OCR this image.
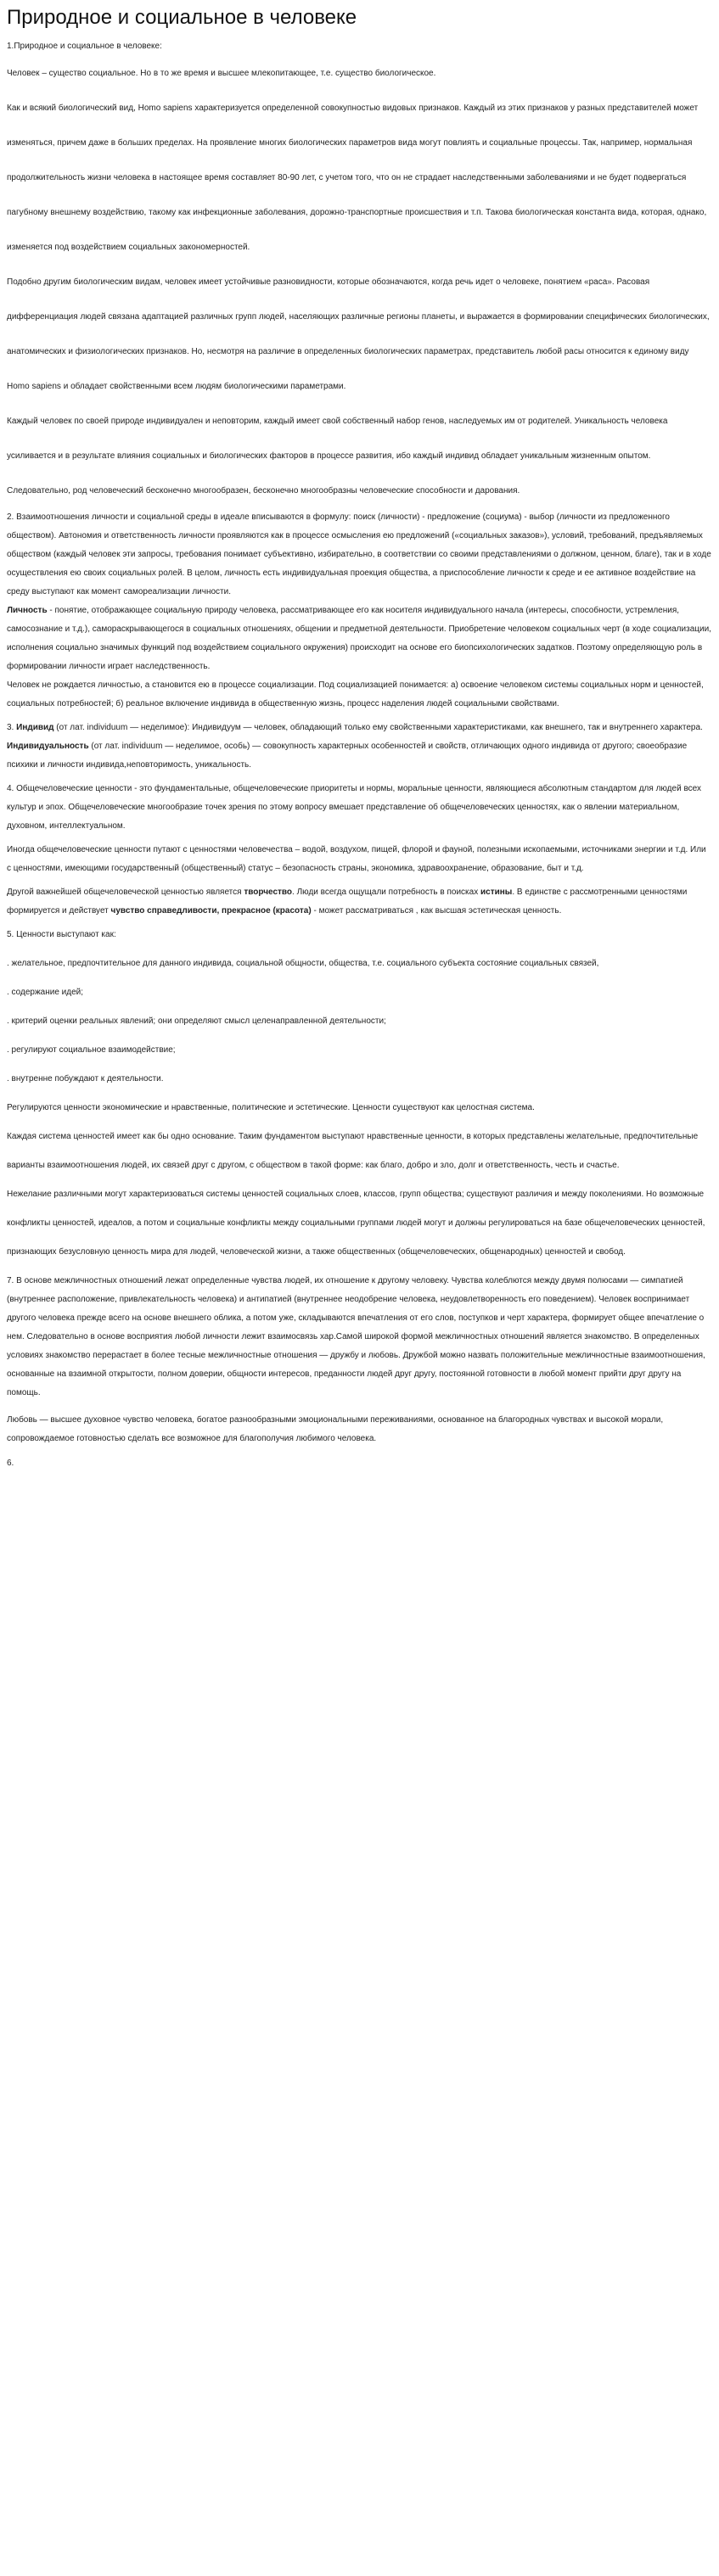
Природное и социальное в человеке

1.Природное и социальное в человеке:

Человек – существо социальное. Но в то же время и высшее млекопитающее, т.е. существо биологическое.

Как и всякий биологический вид, Homo sapiens характеризуется определенной совокупностью видовых признаков. Каждый из этих признаков у разных представителей может изменяться, причем даже в больших пределах. На проявление многих биологических параметров вида могут повлиять и социальные процессы. Так, например, нормальная продолжительность жизни человека в настоящее время составляет 80-90 лет, с учетом того, что он не страдает наследственными заболеваниями и не будет подвергаться пагубному внешнему воздействию, такому как инфекционные заболевания, дорожно-транспортные происшествия и т.п. Такова биологическая константа вида, которая, однако, изменяется под воздействием социальных закономерностей.

Подобно другим биологическим видам, человек имеет устойчивые разновидности, которые обозначаются, когда речь идет о человеке, понятием «раса». Расовая дифференциация людей связана адаптацией различных групп людей, населяющих различные регионы планеты, и выражается в формировании специфических биологических, анатомических и физиологических признаков. Но, несмотря на различие в определенных биологических параметрах, представитель любой расы относится к единому виду Homo sapiens и обладает свойственными всем людям биологическими параметрами.

Каждый человек по своей природе индивидуален и неповторим, каждый имеет свой собственный набор генов, наследуемых им от родителей. Уникальность человека усиливается и в результате влияния социальных и биологических факторов в процессе развития, ибо каждый индивид обладает уникальным жизненным опытом. Следовательно, род человеческий бесконечно многообразен, бесконечно многообразны человеческие способности и дарования.

2. Взаимоотношения личности и социальной среды в идеале вписываются в формулу: поиск (личности) - предложение (социума) - выбор (личности из предложенного обществом). Автономия и ответственность личности проявляются как в процессе осмысления ею предложений («социальных заказов»), условий, требований, предъявляемых обществом (каждый человек эти запросы, требования понимает субъективно, избирательно, в соответствии со своими представлениями о должном, ценном, благе), так и в ходе осуществления ею своих социальных ролей. В целом, личность есть индивидуальная проекция общества, а приспособление личности к среде и ее активное воздействие на среду выступают как момент самореализации личности.

Личность - понятие, отображающее социальную природу человека, рассматривающее его как носителя индивидуального начала (интересы, способности, устремления, самосознание и т.д.), самораскрывающегося в социальных отношениях, общении и предметной деятельности. Приобретение человеком социальных черт (в ходе социализации, исполнения социально значимых функций под воздействием социального окружения) происходит на основе его биопсихологических задатков. Поэтому определяющую роль в формировании личности играет наследственность.

Человек не рождается личностью, а становится ею в процессе социализации. Под социализацией понимается: а) освоение человеком системы социальных норм и ценностей, социальных потребностей; б) реальное включение индивида в общественную жизнь, процесс наделения людей социальными свойствами.

3. Индивид (от лат. individuum — неделимое): Индивидуум — человек, обладающий только ему свойственными характеристиками, как внешнего, так и внутреннего характера. Индивидуальность (от лат. individuum — неделимое, особь) — совокупность характерных особенностей и свойств, отличающих одного индивида от другого; своеобразие психики и личности индивида,неповторимость, уникальность.

4. Общечеловеческие ценности - это фундаментальные, общечеловеческие приоритеты и нормы, моральные ценности, являющиеся абсолютным стандартом для людей всех культур и эпох. Общечеловеческие многообразие точек зрения по этому вопросу вмешает представление об общечеловеческих ценностях, как о явлении материальном, духовном, интеллектуальном.

Иногда общечеловеческие ценности путают с ценностями человечества – водой, воздухом, пищей, флорой и фауной, полезными ископаемыми, источниками энергии и т.д. Или с ценностями, имеющими государственный (общественный) статус – безопасность страны, экономика, здравоохранение, образование, быт и т.д.

Другой важнейшей общечеловеческой ценностью является творчество. Люди всегда ощущали потребность в поисках истины. В единстве с рассмотренными ценностями формируется и действует чувство справедливости, прекрасное (красота) - может рассматриваться , как высшая эстетическая ценность.

5. Ценности выступают как:

. желательное, предпочтительное для данного индивида, социальной общности, общества, т.е. социального субъекта состояние социальных связей,

. содержание идей;

. критерий оценки реальных явлений; они определяют смысл целенаправленной деятельности;

. регулируют социальное взаимодействие;

. внутренне побуждают к деятельности.

Регулируются ценности экономические и нравственные, политические и эстетические. Ценности существуют как целостная система.

Каждая система ценностей имеет как бы одно основание. Таким фундаментом выступают нравственные ценности, в которых представлены желательные, предпочтительные варианты взаимоотношения людей, их связей друг с другом, с обществом в такой форме: как благо, добро и зло, долг и ответственность, честь и счастье.

Нежелание различными могут характеризоваться системы ценностей социальных слоев, классов, групп общества; существуют различия и между поколениями. Но возможные конфликты ценностей, идеалов, а потом и социальные конфликты между социальными группами людей могут и должны регулироваться на базе общечеловеческих ценностей, признающих безусловную ценность мира для людей, человеческой жизни, а также общественных (общечеловеческих, общенародных) ценностей и свобод.

7. В основе межличностных отношений лежат определенные чувства людей, их отношение к другому человеку. Чувства колеблются между двумя полюсами — симпатией (внутреннее расположение, привлекательность человека) и антипатией (внутреннее неодобрение человека, неудовлетворенность его поведением). Человек воспринимает другого человека прежде всего на основе внешнего облика, а потом уже, складываются впечатления от его слов, поступков и черт характера, формирует общее впечатление о нем. Следовательно в основе восприятия любой личности лежит взаимосвязь хар.Самой широкой формой межличностных отношений является знакомство. В определенных условиях знакомство перерастает в более тесные межличностные отношения — дружбу и любовь. Дружбой можно назвать положительные межличностные взаимоотношения, основанные на взаимной открытости, полном доверии, общности интересов, преданности людей друг другу, постоянной готовности в любой момент прийти друг другу на помощь.

Любовь — высшее духовное чувство человека, богатое разнообразными эмоциональными переживаниями, основанное на благородных чувствах и высокой морали, сопровождаемое готовностью сделать все возможное для благополучия любимого человека.

6.
